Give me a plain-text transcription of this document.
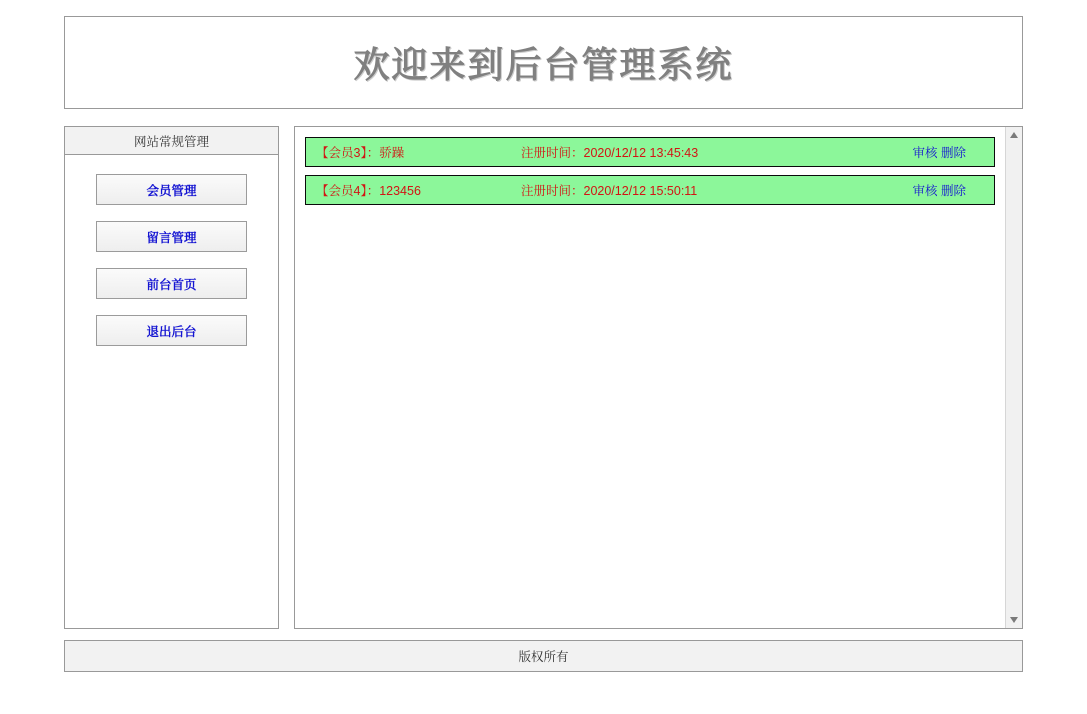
欢迎来到后台管理系统
网站常规管理
会员管理
留言管理
前台首页
退出后台
【会员3】：骄躁	注册时间：2020/12/12 13:45:43	审核 删除
【会员4】：123456	注册时间：2020/12/12 15:50:11	审核 删除
版权所有
